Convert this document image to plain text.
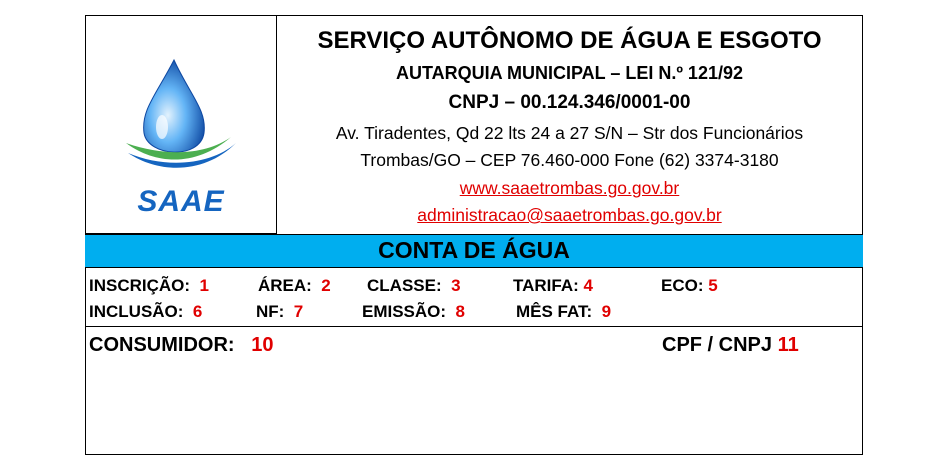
SAAE
SERVIÇO AUTÔNOMO DE ÁGUA E ESGOTO
AUTARQUIA MUNICIPAL – LEI N.º 121/92
CNPJ – 00.124.346/0001-00
Av. Tiradentes, Qd 22 lts 24 a 27 S/N – Str dos Funcionários
Trombas/GO – CEP 76.460-000 Fone (62) 3374-3180
www.saaetrombas.go.gov.br
administracao@saaetrombas.go.gov.br
CONTA DE ÁGUA
INSCRIÇÃO: 1	ÁREA: 2 CLASSE: 3	TARIFA: 4	ECO: 5
INCLUSÃO: 6	NF: 7	EMISSÃO: 8	MÊS FAT: 9
CONSUMIDOR: 10	CPF / CNPJ 11
